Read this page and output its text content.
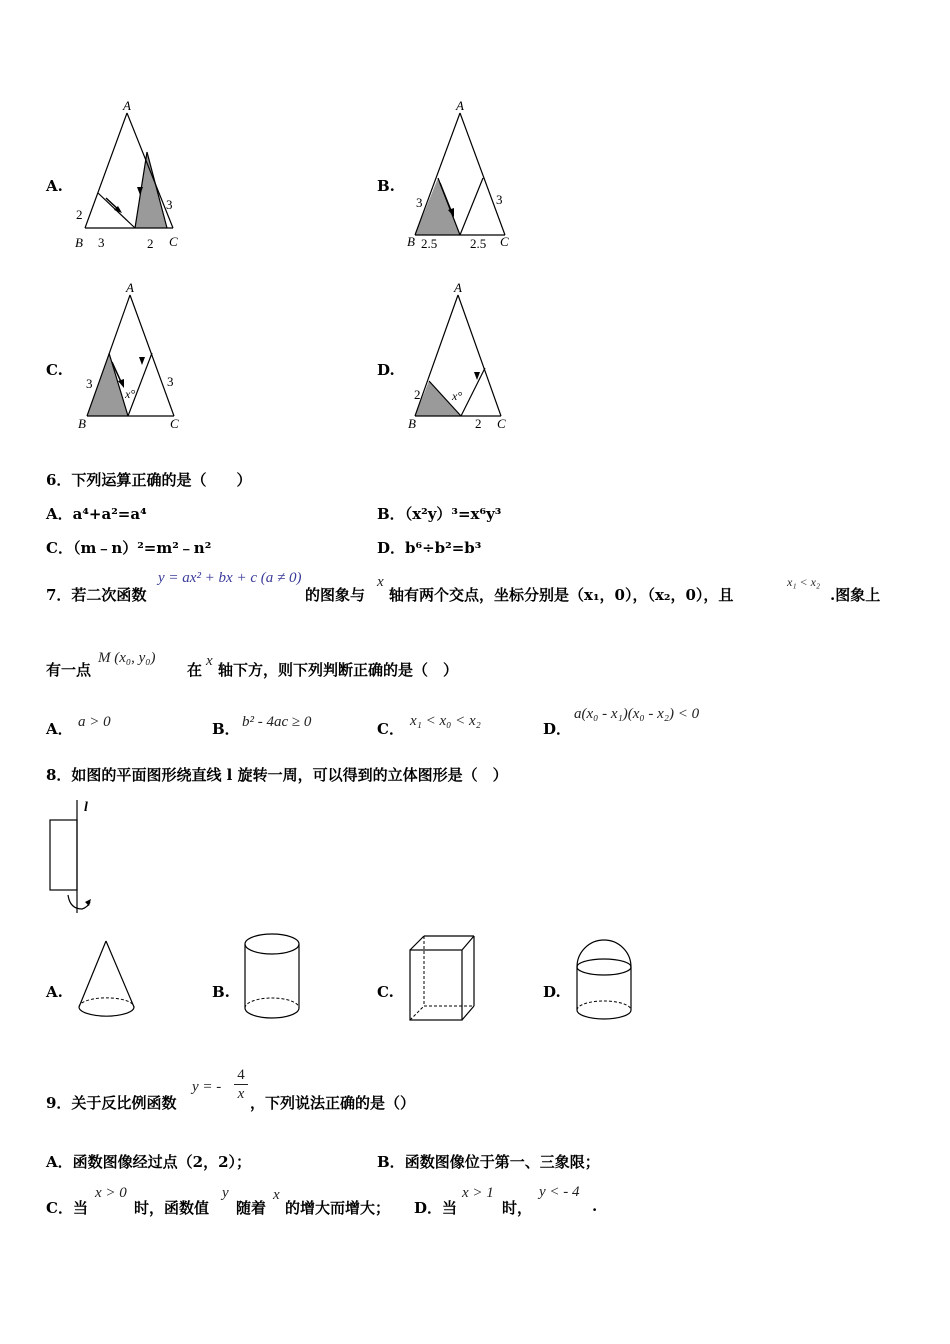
A.
A
B	C
2
3	2
3
B.
A
B	C
3
2.5	2.5
3
C.
A
B	C
3
x°
3
D.
A
B	C
2	x°
2
6．下列运算正确的是（　　）
A．a⁴+a²=a⁴	B．（x²y）³=x⁶y³
C．（m﹣n）²=m²﹣n²	D．b⁶÷b²=b³
7．若二次函数
y = ax² + bx + c (a ≠ 0)
的图象与
x
轴有两个交点，坐标分别是（x₁，0），（x₂，0），且
x₁ < x₂
.图象上
有一点
M (x₀, y₀)
在 x 轴下方，则下列判断正确的是（　）
A． a > 0	B． b² - 4ac ≥ 0	C． x₁ < x₀ < x₂	D．
a(x₀ - x₁)(x₀ - x₂) < 0
8．如图的平面图形绕直线 l 旋转一周，可以得到的立体图形是（　）
l
A.	B.	C.	D.
9．关于反比例函数
y = -
4
x ，下列说法正确的是（）
A．函数图像经过点（2，2）；	B．函数图像位于第一、三象限；
C．当
x > 0
时，函数值
y
随着
x
的增大而增大； D．当
x > 1
时，
y < - 4
.
